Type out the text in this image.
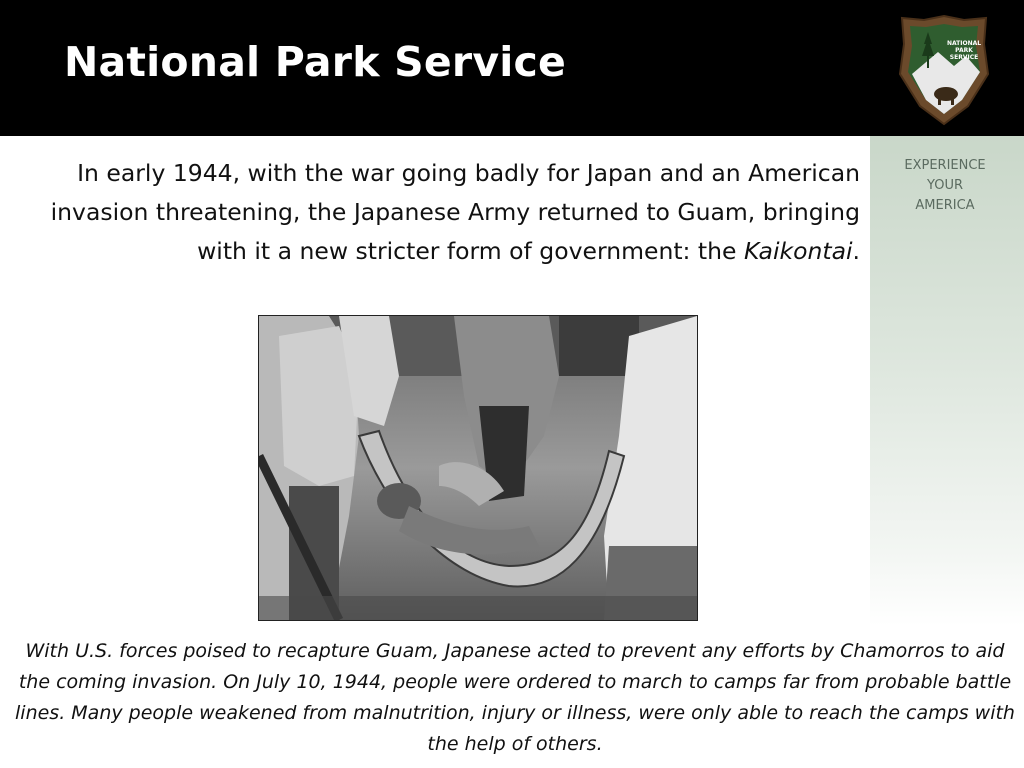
National Park Service	NATIONAL
PARK
SERVICE
EXPERIENCE
YOUR
AMERICA
In early 1944, with the war going badly for Japan and an American invasion threatening, the Japanese Army returned to Guam, bringing with it a new stricter form of government: the Kaikontai.
With U.S. forces poised to recapture Guam, Japanese acted to prevent any efforts by Chamorros to aid the coming invasion. On July 10, 1944, people were ordered to march to camps far from probable battle lines. Many people weakened from malnutrition, injury or illness, were only able to reach the camps with the help of others.
